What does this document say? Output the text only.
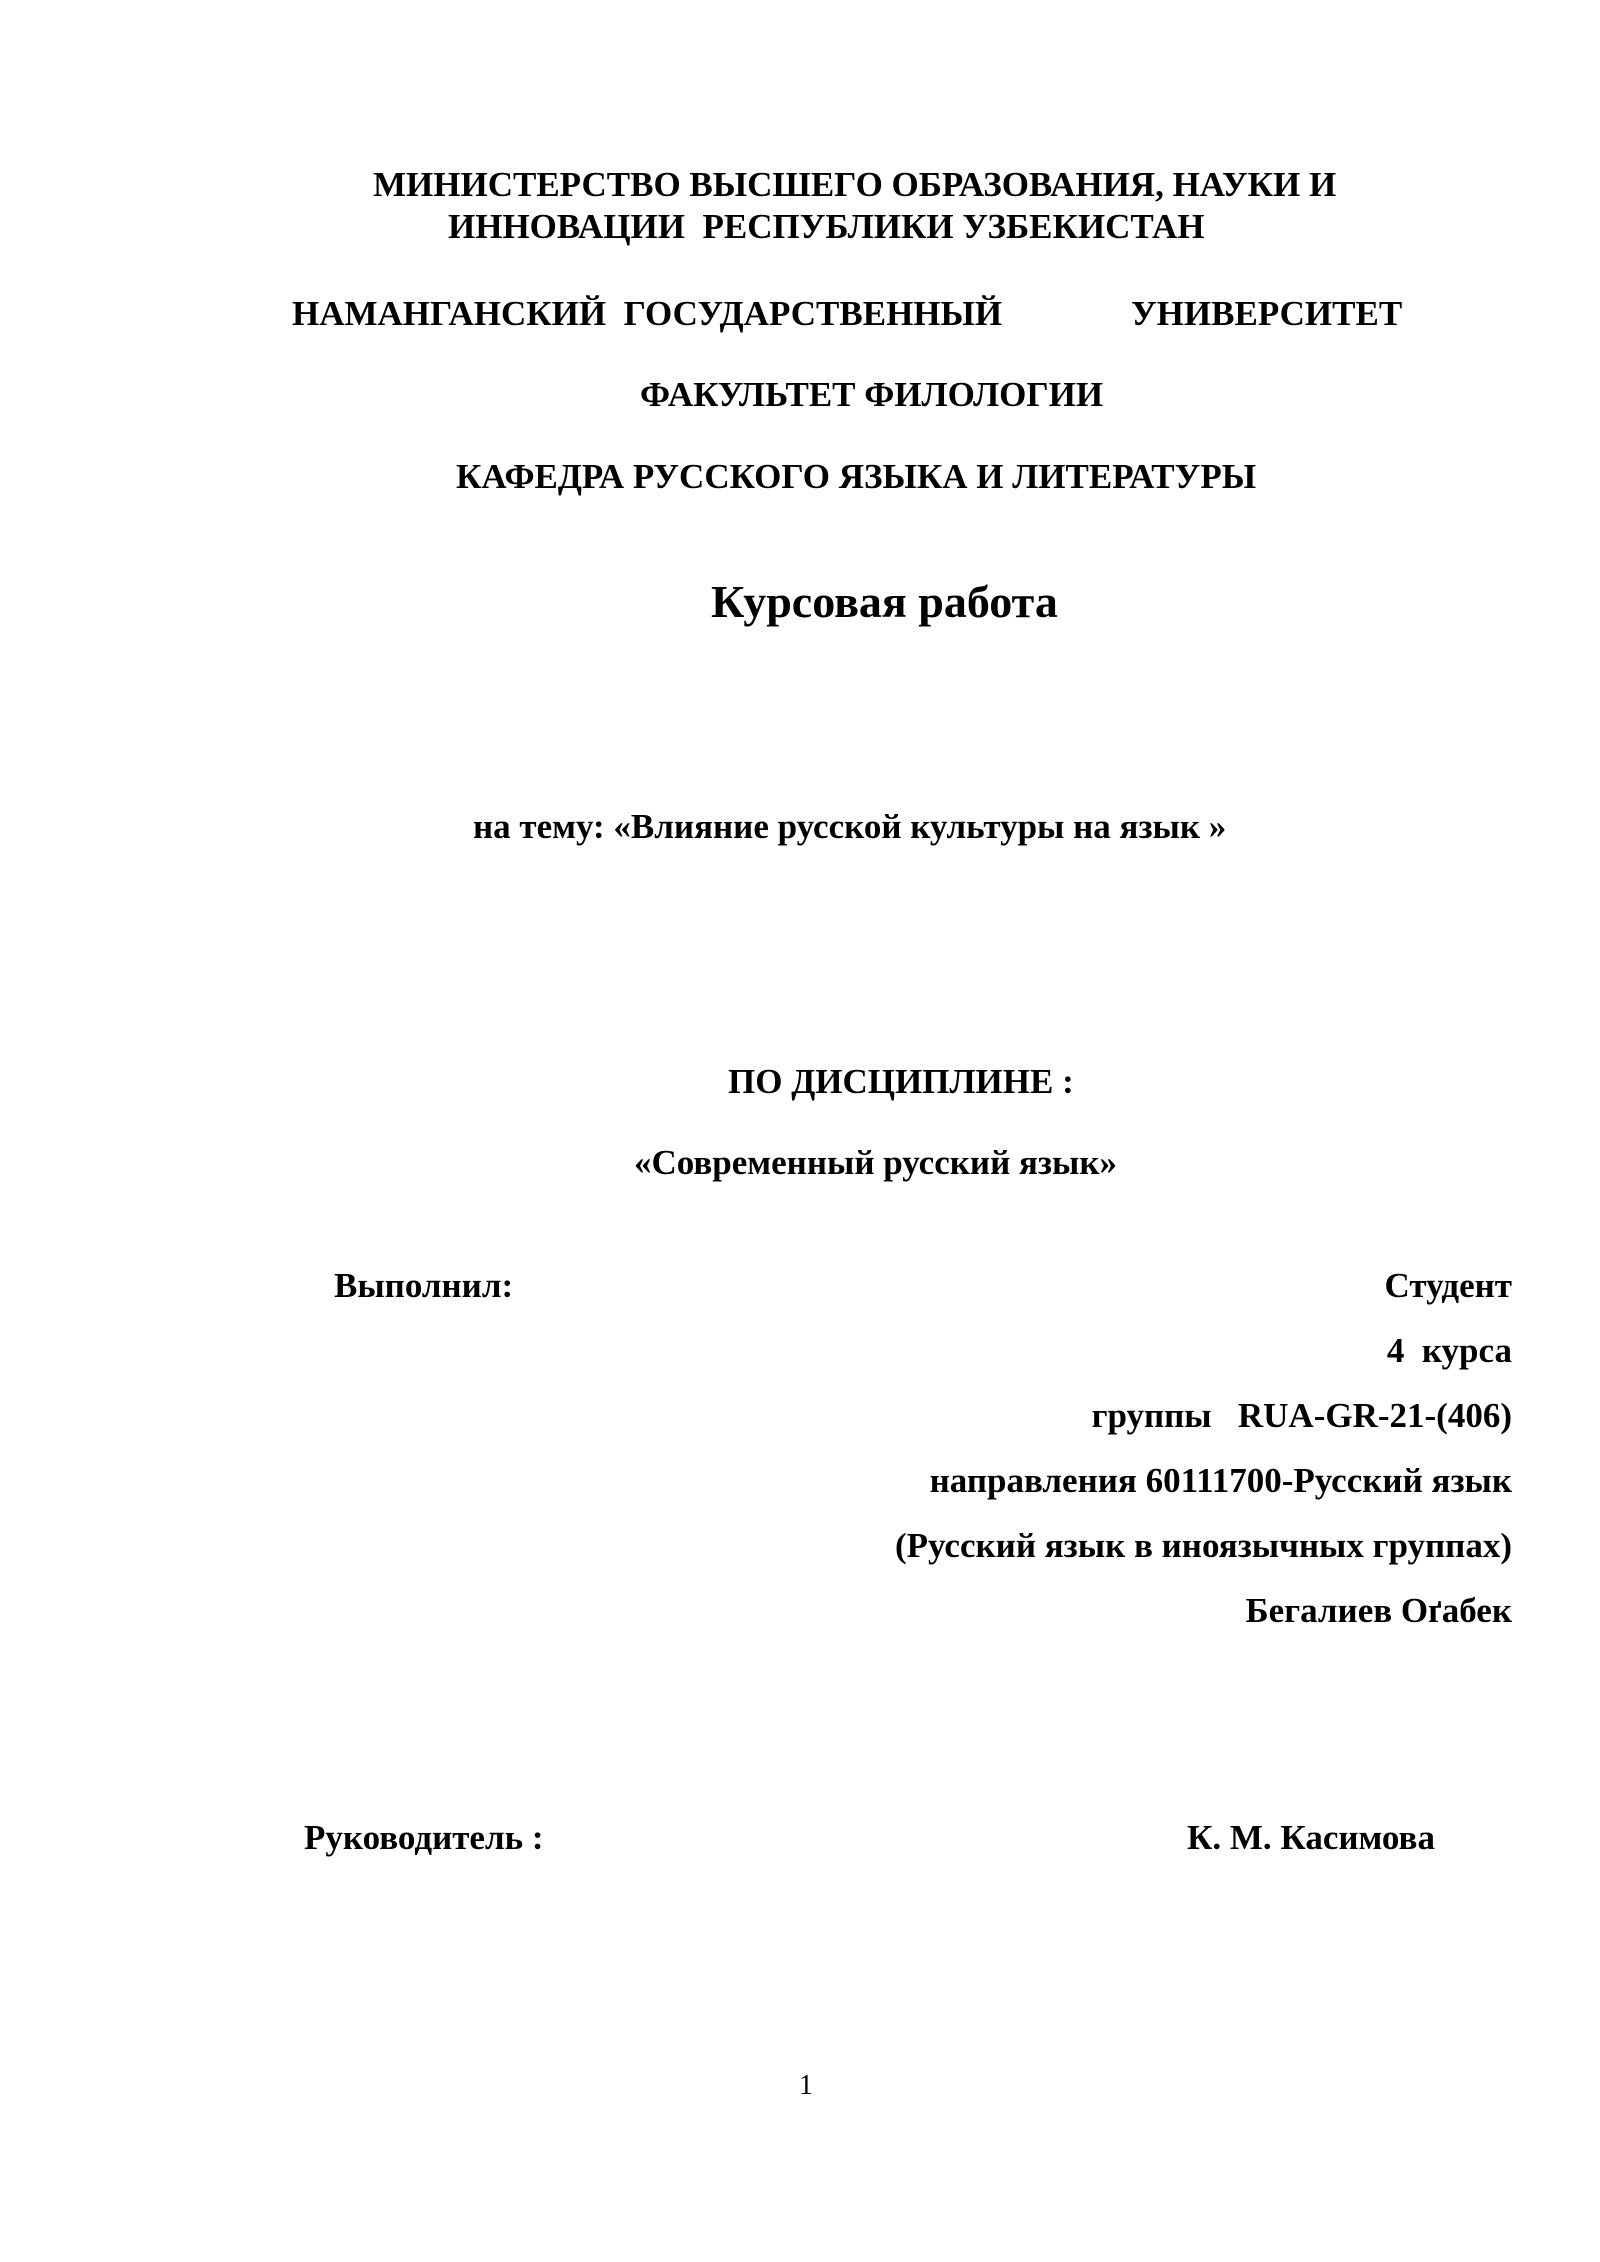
МИНИСТЕРСТВО ВЫСШЕГО ОБРАЗОВАНИЯ, НАУКИ И
ИННОВАЦИИ  РЕСПУБЛИКИ УЗБЕКИСТАН
НАМАНГАНСКИЙ  ГОСУДАРСТВЕННЫЙ	УНИВЕРСИТЕТ
ФАКУЛЬТЕТ ФИЛОЛОГИИ
КАФЕДРА РУССКОГО ЯЗЫКА И ЛИТЕРАТУРЫ
Курсовая работа
на тему: «Влияние русской культуры на язык »
ПО ДИСЦИПЛИНЕ :
«Современный русский язык»
Выполнил:	Студент
4  курса
группы   RUA-GR-21-(406)
направления 60111700-Русский язык
(Русский язык в иноязычных группах)
Бегалиев Оґабек
Руководитель :	К. М. Касимова
1
